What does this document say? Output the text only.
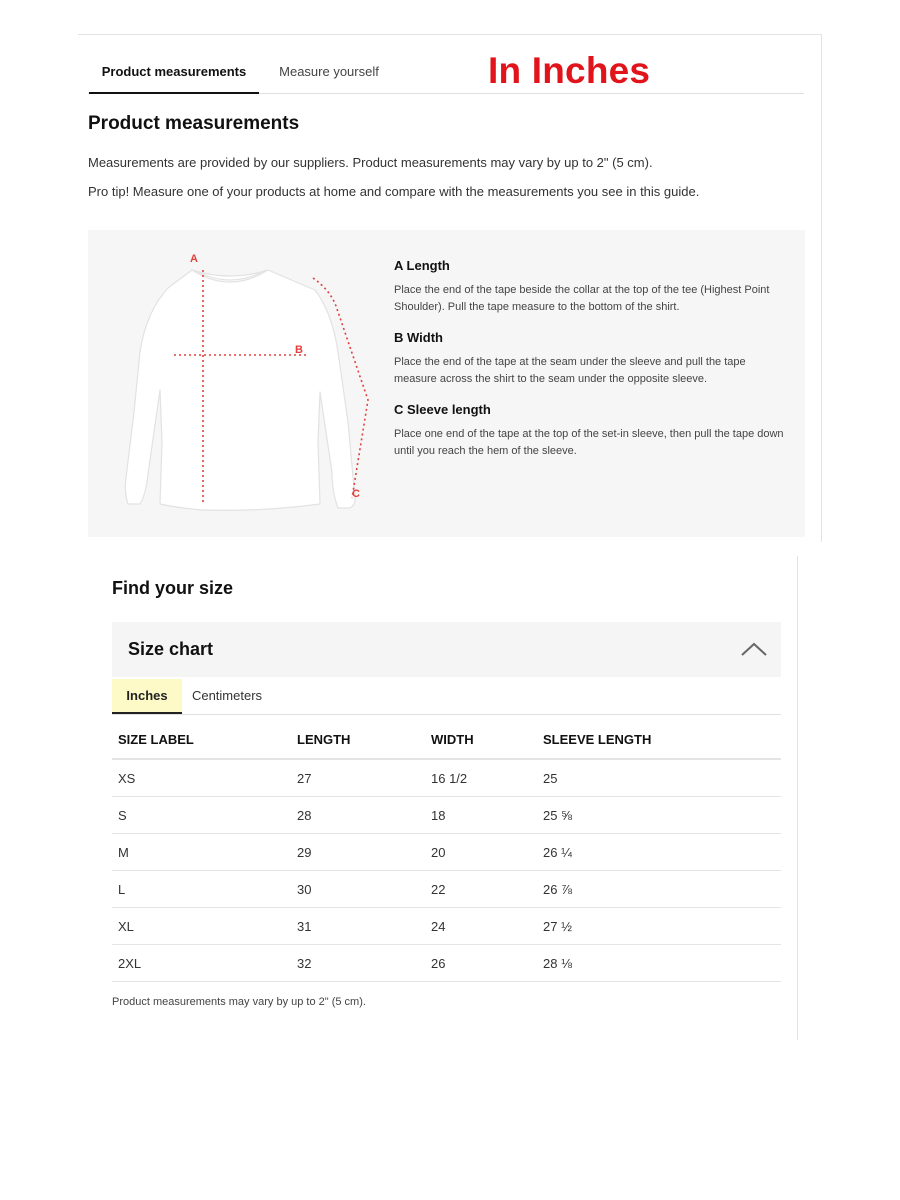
Product measurements	Measure yourself	In Inches
Product measurements

Measurements are provided by our suppliers. Product measurements may vary by up to 2" (5 cm).

Pro tip! Measure one of your products at home and compare with the measurements you see in this guide.

A
B
C
A Length

Place the end of the tape beside the collar at the top of the tee (Highest Point Shoulder). Pull the tape measure to the bottom of the shirt.

B Width

Place the end of the tape at the seam under the sleeve and pull the tape measure across the shirt to the seam under the opposite sleeve.

C Sleeve length

Place one end of the tape at the top of the set-in sleeve, then pull the tape down until you reach the hem of the sleeve.

Find your size
Size chart
Inches	Centimeters
SIZE LABEL	LENGTH	WIDTH	SLEEVE LENGTH
XS	27	16 1/2	25
S	28	18	25 ⅝
M	29	20	26 ¼
L	30	22	26 ⅞
XL	31	24	27 ½
2XL	32	26	28 ⅛

Product measurements may vary by up to 2" (5 cm).
